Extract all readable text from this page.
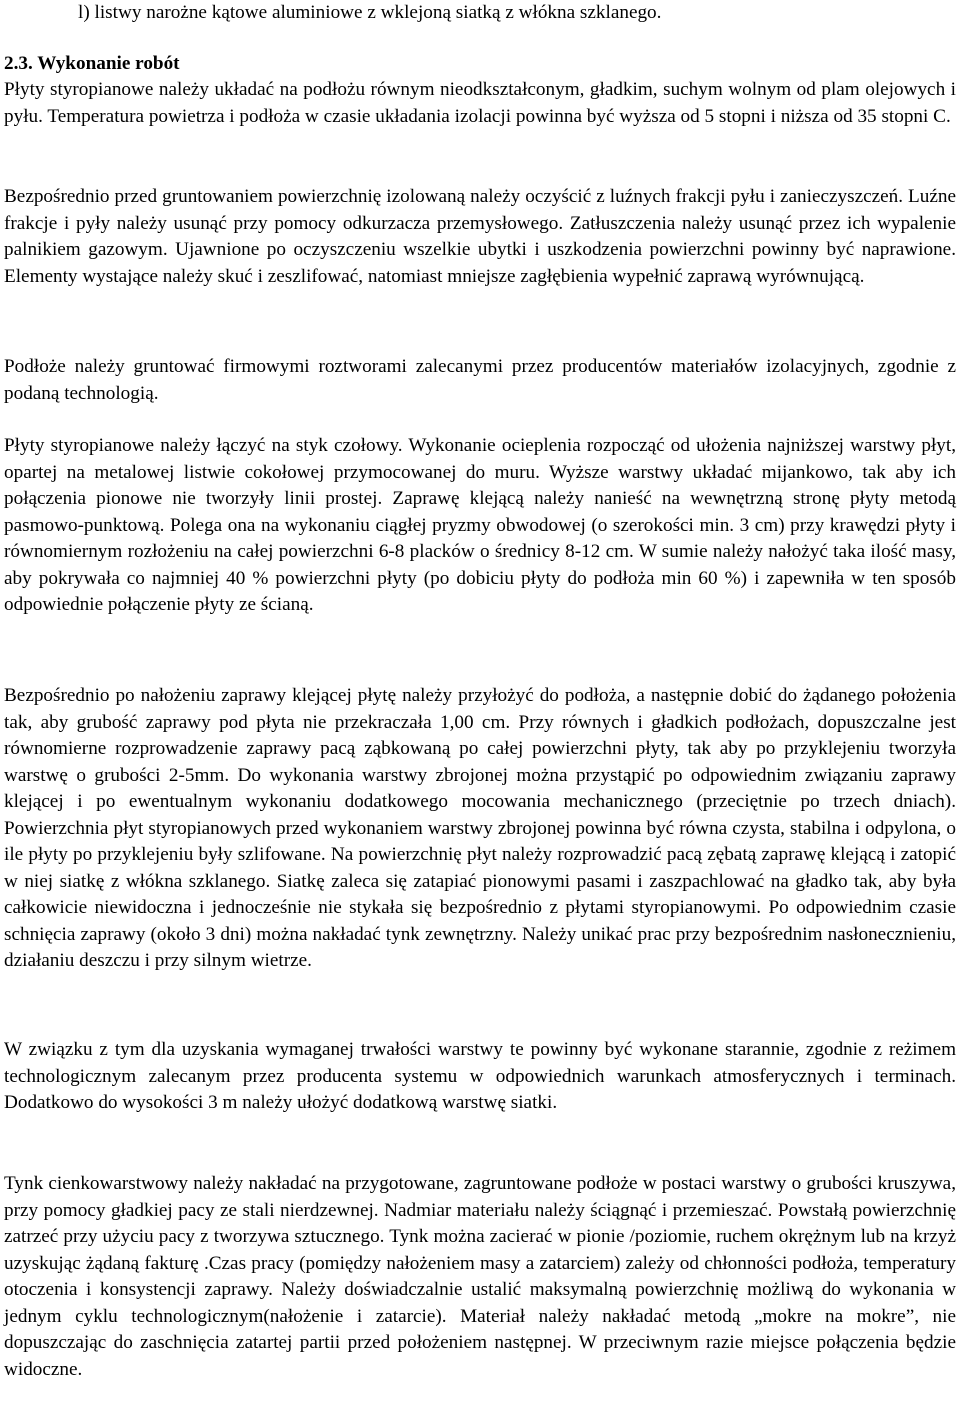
l) listwy narożne kątowe aluminiowe z wklejoną siatką z włókna szklanego.
2.3. Wykonanie robót

Płyty styropianowe należy układać na podłożu równym nieodkształconym, gładkim, suchym wolnym od plam olejowych i pyłu. Temperatura powietrza i podłoża w czasie układania izolacji powinna być wyższa od 5 stopni i niższa od 35 stopni C.

Bezpośrednio przed gruntowaniem powierzchnię izolowaną należy oczyścić z luźnych frakcji pyłu i zanieczyszczeń. Luźne frakcje i pyły należy usunąć przy pomocy odkurzacza przemysłowego. Zatłuszczenia należy usunąć przez ich wypalenie palnikiem gazowym. Ujawnione po oczyszczeniu wszelkie ubytki i uszkodzenia powierzchni powinny być naprawione. Elementy wystające należy skuć i zeszlifować, natomiast mniejsze zagłębienia wypełnić zaprawą wyrównującą.

Podłoże należy gruntować firmowymi roztworami zalecanymi przez producentów materiałów izolacyjnych, zgodnie z podaną technologią.

Płyty styropianowe należy łączyć na styk czołowy. Wykonanie ocieplenia rozpocząć od ułożenia najniższej warstwy płyt, opartej na metalowej listwie cokołowej przymocowanej do muru. Wyższe warstwy układać mijankowo, tak aby ich połączenia pionowe nie tworzyły linii prostej. Zaprawę klejącą należy nanieść na wewnętrzną stronę płyty metodą pasmowo-punktową. Polega ona na wykonaniu ciągłej pryzmy obwodowej (o szerokości min. 3 cm) przy krawędzi płyty i równomiernym rozłożeniu na całej powierzchni 6-8 placków o średnicy 8-12 cm. W sumie należy nałożyć taka ilość masy, aby pokrywała co najmniej 40 % powierzchni płyty (po dobiciu płyty do podłoża min 60 %) i zapewniła w ten sposób odpowiednie połączenie płyty ze ścianą.

Bezpośrednio po nałożeniu zaprawy klejącej płytę należy przyłożyć do podłoża, a następnie dobić do żądanego położenia tak, aby grubość zaprawy pod płyta nie przekraczała 1,00 cm. Przy równych i gładkich podłożach, dopuszczalne jest równomierne rozprowadzenie zaprawy pacą ząbkowaną po całej powierzchni płyty, tak aby po przyklejeniu tworzyła warstwę o grubości 2-5mm. Do wykonania warstwy zbrojonej można przystąpić po odpowiednim związaniu zaprawy klejącej i po ewentualnym wykonaniu dodatkowego mocowania mechanicznego (przeciętnie po trzech dniach). Powierzchnia płyt styropianowych przed wykonaniem warstwy zbrojonej powinna być równa czysta, stabilna i odpylona, o ile płyty po przyklejeniu były szlifowane. Na powierzchnię płyt należy rozprowadzić pacą zębatą zaprawę klejącą i zatopić w niej siatkę z włókna szklanego. Siatkę zaleca się zatapiać pionowymi pasami i zaszpachlować na gładko tak, aby była całkowicie niewidoczna i jednocześnie nie stykała się bezpośrednio z płytami styropianowymi. Po odpowiednim czasie schnięcia zaprawy (około 3 dni) można nakładać tynk zewnętrzny. Należy unikać prac przy bezpośrednim nasłonecznieniu, działaniu deszczu i przy silnym wietrze.

W związku z tym dla uzyskania wymaganej trwałości warstwy te powinny być wykonane starannie, zgodnie z reżimem technologicznym zalecanym przez producenta systemu w odpowiednich warunkach atmosferycznych i terminach. Dodatkowo do wysokości 3 m należy ułożyć dodatkową warstwę siatki.

Tynk cienkowarstwowy należy nakładać na przygotowane, zagruntowane podłoże w postaci warstwy o grubości kruszywa, przy pomocy gładkiej pacy ze stali nierdzewnej. Nadmiar materiału należy ściągnąć i przemieszać. Powstałą powierzchnię zatrzeć przy użyciu pacy z tworzywa sztucznego. Tynk można zacierać w pionie /poziomie, ruchem okrężnym lub na krzyż uzyskując żądaną fakturę .Czas pracy (pomiędzy nałożeniem masy a zatarciem) zależy od chłonności podłoża, temperatury otoczenia i konsystencji zaprawy. Należy doświadczalnie ustalić maksymalną powierzchnię możliwą do wykonania w jednym cyklu technologicznym(nałożenie i zatarcie). Materiał należy nakładać metodą „mokre na mokre”, nie dopuszczając do zaschnięcia zatartej partii przed położeniem następnej. W przeciwnym razie miejsce połączenia będzie widoczne.
